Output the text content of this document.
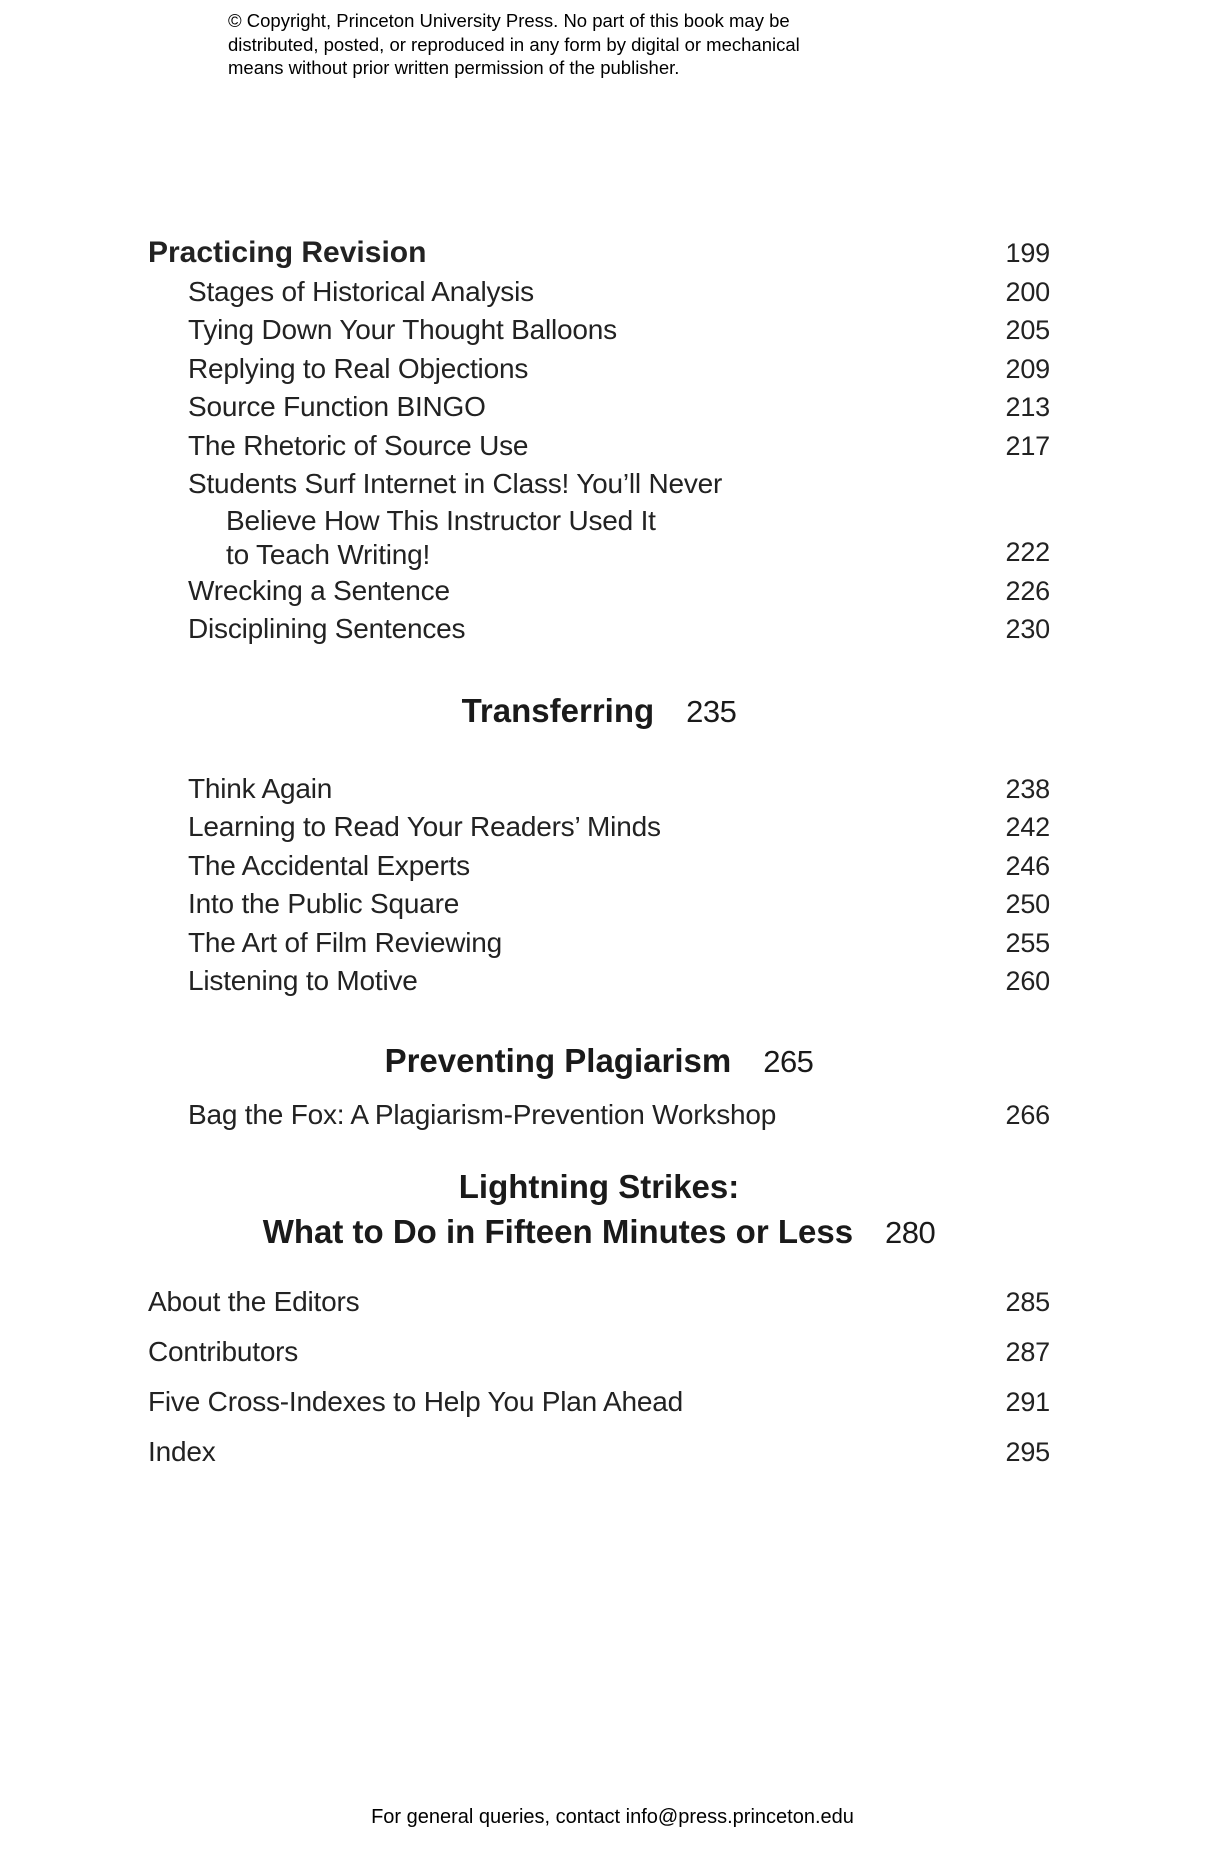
© Copyright, Princeton University Press. No part of this book may be
distributed, posted, or reproduced in any form by digital or mechanical
means without prior written permission of the publisher.
Practicing Revision	199
Stages of Historical Analysis	200
Tying Down Your Thought Balloons	205
Replying to Real Objections	209
Source Function BINGO	213
The Rhetoric of Source Use	217
Students Surf Internet in Class! You’ll Never
Believe How This Instructor Used It
to Teach Writing!	222
Wrecking a Sentence	226
Disciplining Sentences	230
Transferring 235
Think Again	238
Learning to Read Your Readers’ Minds	242
The Accidental Experts	246
Into the Public Square	250
The Art of Film Reviewing	255
Listening to Motive	260
Preventing Plagiarism 265
Bag the Fox: A Plagiarism-Prevention Workshop	266
Lightning Strikes:
What to Do in Fifteen Minutes or Less 280
About the Editors	285
Contributors	287
Five Cross-Indexes to Help You Plan Ahead	291
Index	295
For general queries, contact info@press.princeton.edu
